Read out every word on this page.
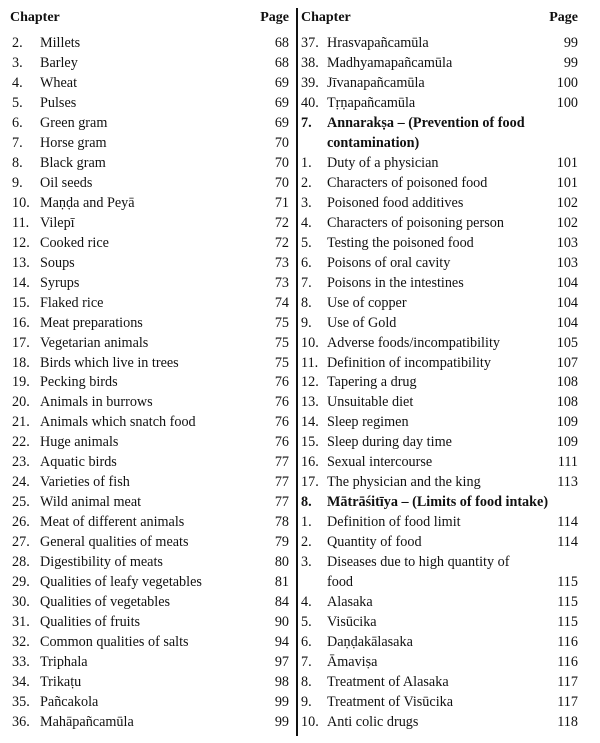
Chapter	Page
2. Millets	68
3. Barley	68
4. Wheat	69
5. Pulses	69
6. Green gram	69
7. Horse gram	70
8. Black gram	70
9. Oil seeds	70
10. Maṇḍa and Peyā	71
11. Vilepī	72
12. Cooked rice	72
13. Soups	73
14. Syrups	73
15. Flaked rice	74
16. Meat preparations	75
17. Vegetarian animals	75
18. Birds which live in trees	75
19. Pecking birds	76
20. Animals in burrows	76
21. Animals which snatch food	76
22. Huge animals	76
23. Aquatic birds	77
24. Varieties of fish	77
25. Wild animal meat	77
26. Meat of different animals	78
27. General qualities of meats	79
28. Digestibility of meats	80
29. Qualities of leafy vegetables	81
30. Qualities of vegetables	84
31. Qualities of fruits	90
32. Common qualities of salts	94
33. Triphala	97
34. Trikaṭu	98
35. Pañcakola	99
36. Mahāpañcamūla	99
Chapter	Page
37. Hrasvapañcamūla	99
38. Madhyamapañcamūla	99
39. Jīvanapañcamūla	100
40. Tṛṇapañcamūla	100
7. Annarakṣa – (Prevention of food
contamination)
1. Duty of a physician	101
2. Characters of poisoned food	101
3. Poisoned food additives	102
4. Characters of poisoning person	102
5. Testing the poisoned food	103
6. Poisons of oral cavity	103
7. Poisons in the intestines	104
8. Use of copper	104
9. Use of Gold	104
10. Adverse foods/incompatibility	105
11. Definition of incompatibility	107
12. Tapering a drug	108
13. Unsuitable diet	108
14. Sleep regimen	109
15. Sleep during day time	109
16. Sexual intercourse	111
17. The physician and the king	113
8. Mātrāśitīya – (Limits of food intake)
1. Definition of food limit	114
2. Quantity of food	114
3. Diseases due to high quantity of
food	115
4. Alasaka	115
5. Visūcika	115
6. Daṇḍakālasaka	116
7. Āmaviṣa	116
8. Treatment of Alasaka	117
9. Treatment of Visūcika	117
10. Anti colic drugs	118
